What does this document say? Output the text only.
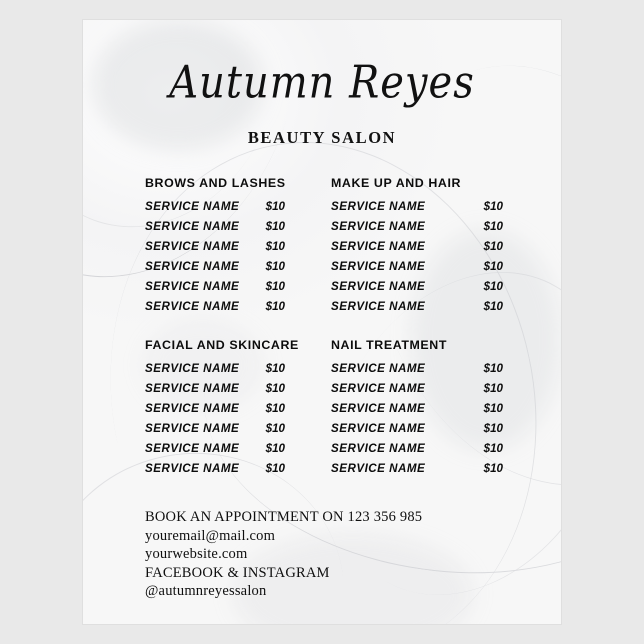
Autumn Reyes
BEAUTY SALON
BROWS AND LASHES
SERVICE NAME $10
SERVICE NAME $10
SERVICE NAME $10
SERVICE NAME $10
SERVICE NAME $10
SERVICE NAME $10
MAKE UP AND HAIR
SERVICE NAME	$10
SERVICE NAME	$10
SERVICE NAME	$10
SERVICE NAME	$10
SERVICE NAME	$10
SERVICE NAME	$10
FACIAL AND SKINCARE
SERVICE NAME $10
SERVICE NAME $10
SERVICE NAME $10
SERVICE NAME $10
SERVICE NAME $10
SERVICE NAME $10
NAIL TREATMENT
SERVICE NAME	$10
SERVICE NAME	$10
SERVICE NAME	$10
SERVICE NAME	$10
SERVICE NAME	$10
SERVICE NAME	$10
BOOK AN APPOINTMENT ON 123 356 985
youremail@mail.com
yourwebsite.com
FACEBOOK & INSTAGRAM
@autumnreyessalon
